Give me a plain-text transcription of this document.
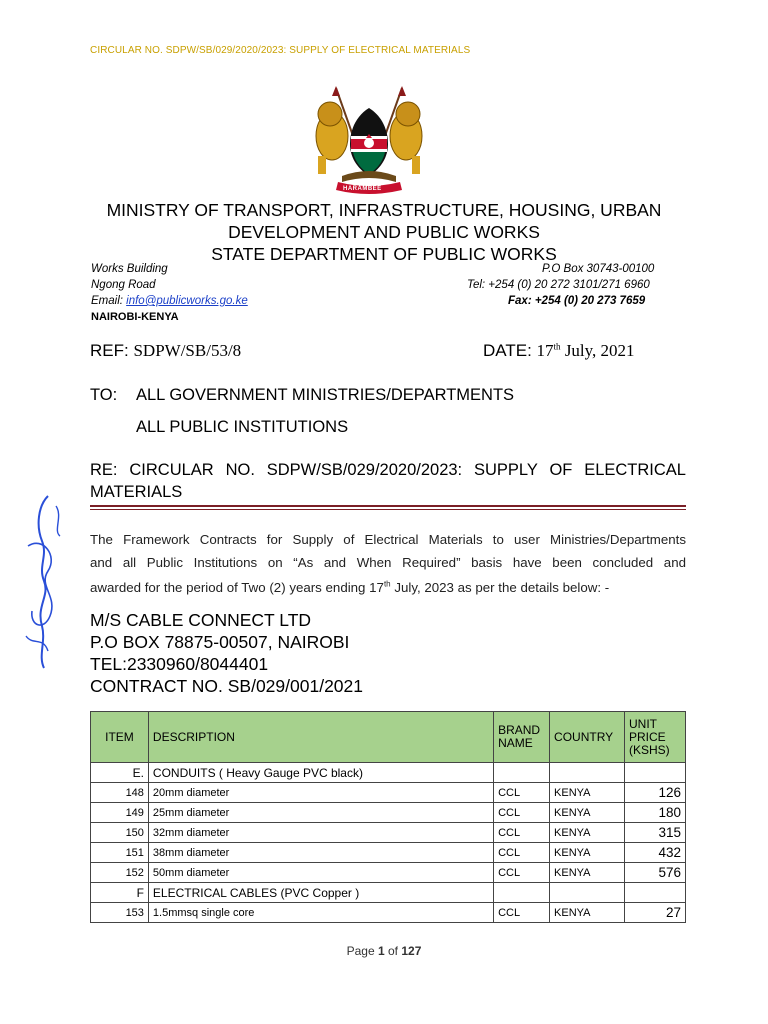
CIRCULAR NO. SDPW/SB/029/2020/2023: SUPPLY OF ELECTRICAL MATERIALS
HARAMBEE
MINISTRY OF TRANSPORT, INFRASTRUCTURE, HOUSING, URBAN
DEVELOPMENT AND PUBLIC WORKS
STATE DEPARTMENT OF PUBLIC WORKS
Works Building
Ngong Road
Email: info@publicworks.go.ke
NAIROBI-KENYA
P.O Box 30743-00100
Tel: +254 (0) 20 272 3101/271 6960
Fax: +254 (0) 20 273 7659
REF: SDPW/SB/53/8	DATE: 17th July, 2021
TO: ALL GOVERNMENT MINISTRIES/DEPARTMENTS
ALL PUBLIC INSTITUTIONS
RE: CIRCULAR NO. SDPW/SB/029/2020/2023: SUPPLY OF ELECTRICAL
MATERIALS
The Framework Contracts for Supply of Electrical Materials to user Ministries/Departments
and all Public Institutions on “As and When Required” basis have been concluded and
awarded for the period of Two (2) years ending 17th July, 2023 as per the details below: -
M/S CABLE CONNECT LTD
P.O BOX 78875-00507, NAIROBI
TEL:2330960/8044401
CONTRACT NO. SB/029/001/2021
ITEM	DESCRIPTION	BRAND NAME	COUNTRY	UNIT PRICE (KSHS)
E.	CONDUITS ( Heavy Gauge PVC black)			
148	20mm diameter	CCL	KENYA	126
149	25mm diameter	CCL	KENYA	180
150	32mm diameter	CCL	KENYA	315
151	38mm diameter	CCL	KENYA	432
152	50mm diameter	CCL	KENYA	576
F	ELECTRICAL CABLES (PVC Copper )			
153	1.5mmsq single core	CCL	KENYA	27
Page 1 of 127
